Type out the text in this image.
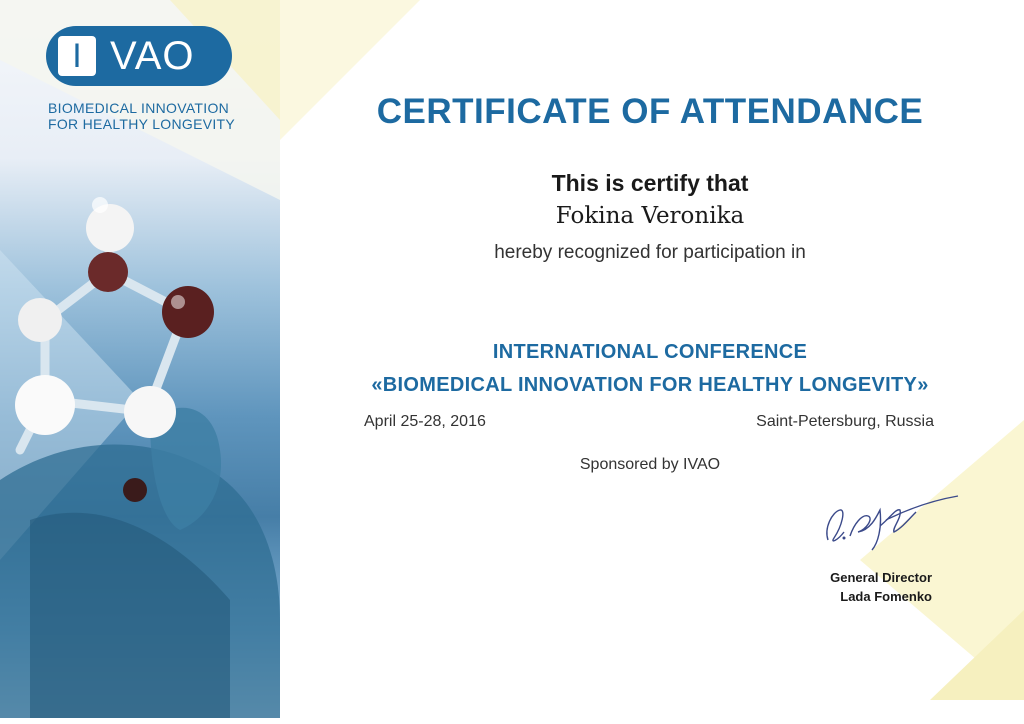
I VAO
BIOMEDICAL INNOVATION
FOR HEALTHY LONGEVITY	CERTIFICATE OF ATTENDANCE
This is certify that
Fokina Veronika
hereby recognized for participation in
INTERNATIONAL CONFERENCE
«BIOMEDICAL INNOVATION FOR HEALTHY LONGEVITY»
April 25-28, 2016	Saint-Petersburg, Russia
Sponsored by IVAO
General Director
Lada Fomenko
